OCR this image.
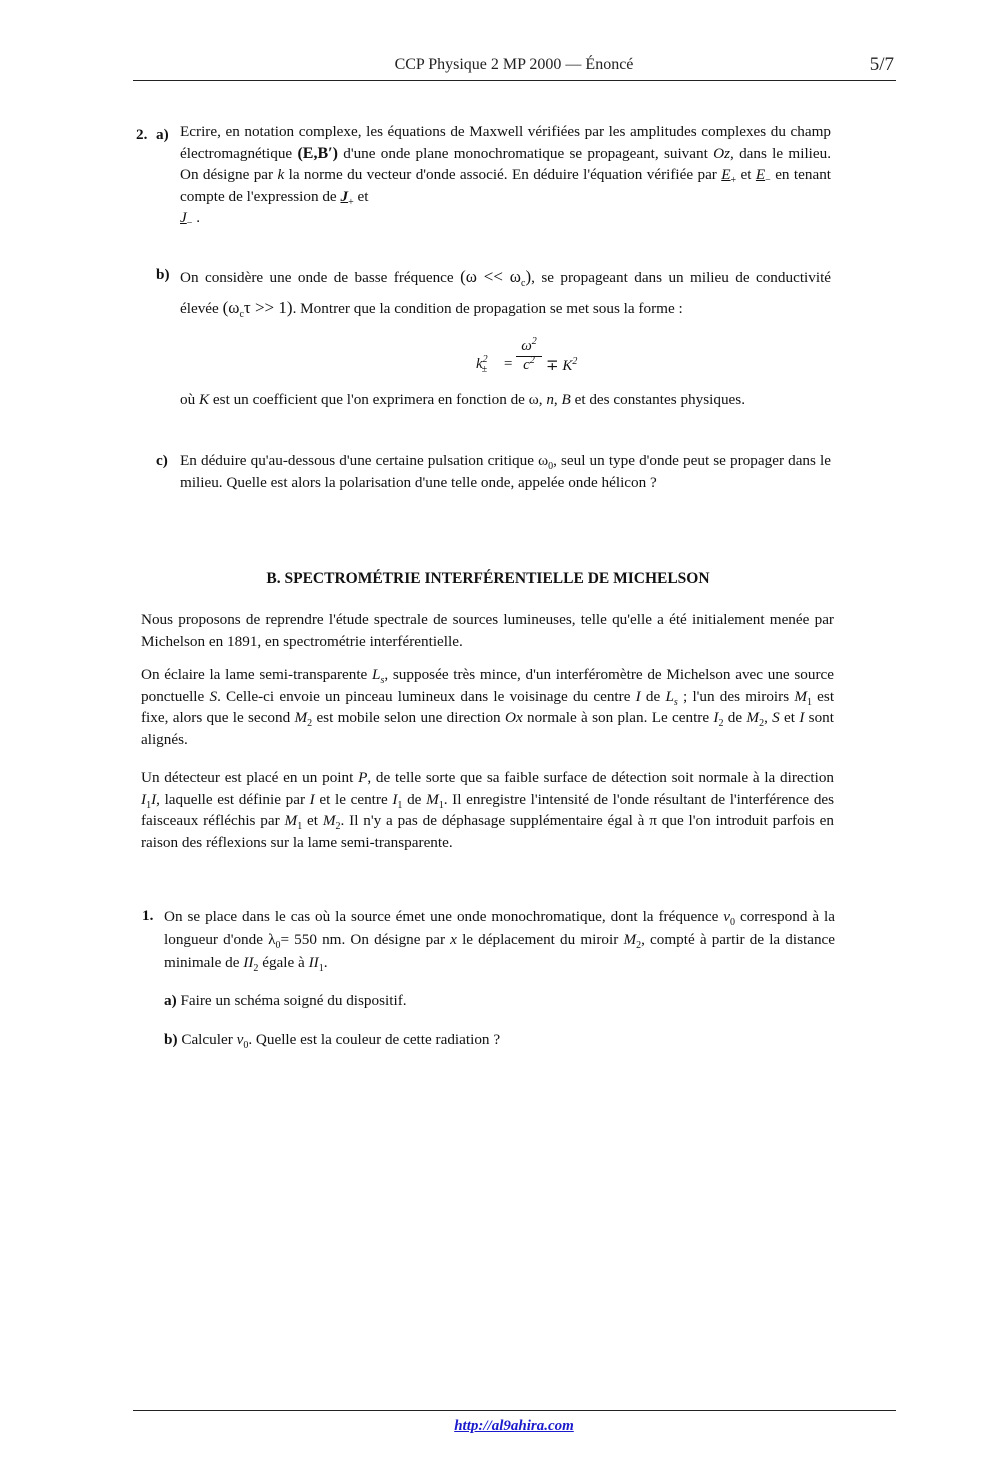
CCP Physique 2 MP 2000 — Énoncé	5/7
2. a) Ecrire, en notation complexe, les équations de Maxwell vérifiées par les amplitudes complexes du champ électromagnétique (E,B′) d'une onde plane monochromatique se propageant, suivant Oz, dans le milieu. On désigne par k la norme du vecteur d'onde associé. En déduire l'équation vérifiée par $E_+$ et $E_-$ en tenant compte de l'expression de $J_+$ et
$J_-$ .
b) On considère une onde de basse fréquence $(\omega << \omega_c)$, se propageant dans un milieu de conductivité élevée $(\omega_c\tau >> 1)$. Montrer que la condition de propagation se met sous la forme :
$k^2_\pm$ =
$\omega^2$
$c^2 \mp K^2$
où K est un coefficient que l'on exprimera en fonction de ω, n, B et des constantes physiques.
c) En déduire qu'au-dessous d'une certaine pulsation critique $\omega_0$, seul un type d'onde peut se propager dans le milieu. Quelle est alors la polarisation d'une telle onde, appelée onde hélicon ?
B. SPECTROMÉTRIE INTERFÉRENTIELLE DE MICHELSON
Nous proposons de reprendre l'étude spectrale de sources lumineuses, telle qu'elle a été initialement menée par Michelson en 1891, en spectrométrie interférentielle.
On éclaire la lame semi-transparente $L_s$, supposée très mince, d'un interféromètre de Michelson avec une source ponctuelle S. Celle-ci envoie un pinceau lumineux dans le voisinage du centre I de $L_s$ ; l'un des miroirs $M_1$ est fixe, alors que le second $M_2$ est mobile selon une direction Ox normale à son plan. Le centre $I_2$ de $M_2$, S et I sont alignés.
Un détecteur est placé en un point P, de telle sorte que sa faible surface de détection soit normale à la direction $I_1I$, laquelle est définie par I et le centre $I_1$ de $M_1$. Il enregistre l'intensité de l'onde résultant de l'interférence des faisceaux réfléchis par $M_1$ et $M_2$. Il n'y a pas de déphasage supplémentaire égal à π que l'on introduit parfois en raison des réflexions sur la lame semi-transparente.
1. On se place dans le cas où la source émet une onde monochromatique, dont la fréquence $\nu_0$ correspond à la longueur d'onde $\lambda_0= 550$ nm. On désigne par x le déplacement du miroir $M_2$, compté à partir de la distance minimale de $II_2$ égale à $II_1$.
a) Faire un schéma soigné du dispositif.
b) Calculer $\nu_0$. Quelle est la couleur de cette radiation ?
http://al9ahira.com
